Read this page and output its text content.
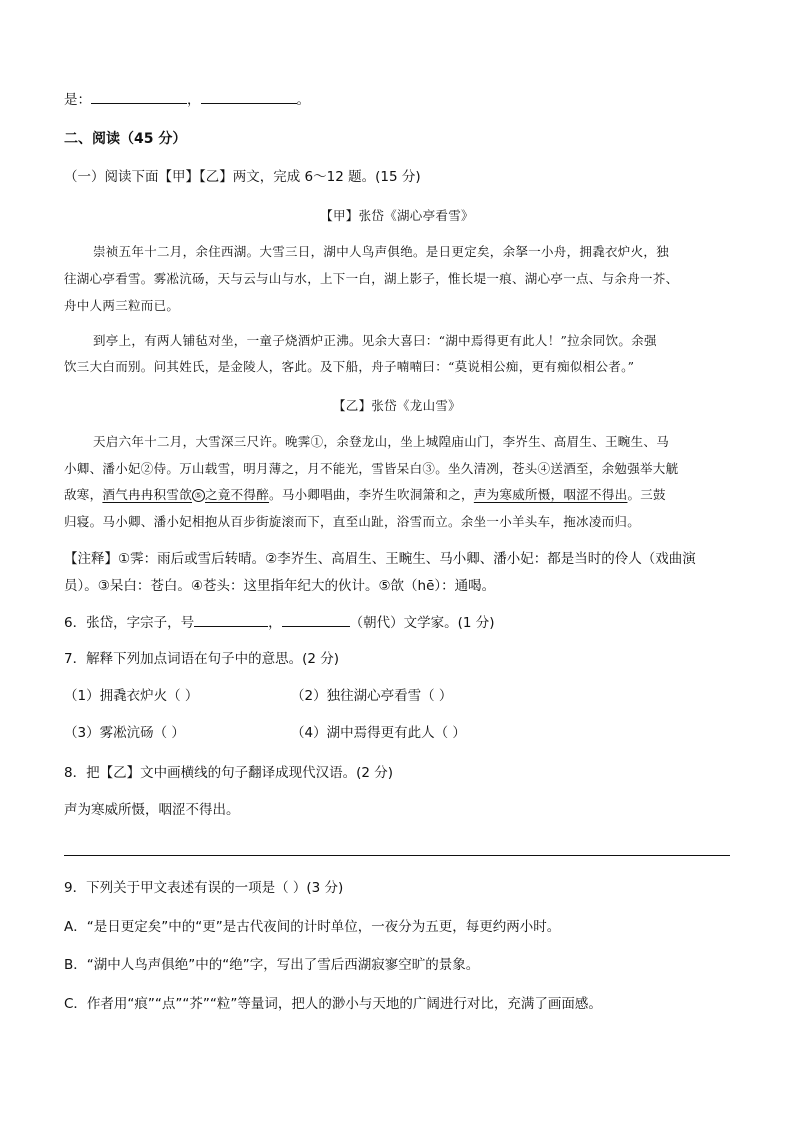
是：	，	。
二、阅读（45 分）
（一）阅读下面【甲】【乙】两文，完成 6～12 题。(15 分)
【甲】张岱《湖心亭看雪》
崇祯五年十二月，余住西湖。大雪三日，湖中人鸟声俱绝。是日更定矣，余拏一小舟，拥毳衣炉火，独
往湖心亭看雪。雾凇沆砀，天与云与山与水，上下一白，湖上影子，惟长堤一痕、湖心亭一点、与余舟一芥、
舟中人两三粒而已。
到亭上，有两人铺毡对坐，一童子烧酒炉正沸。见余大喜曰：“湖中焉得更有此人！”拉余同饮。余强
饮三大白而别。问其姓氏，是金陵人，客此。及下船，舟子喃喃曰：“莫说相公痴，更有痴似相公者。”
【乙】张岱《龙山雪》
天启六年十二月，大雪深三尺许。晚霁①，余登龙山，坐上城隍庙山门，李岕生、高眉生、王畹生、马
小卿、潘小妃②侍。万山载雪，明月薄之，月不能光，雪皆呆白③。坐久清冽，苍头④送酒至，余勉强举大觥
敌寒，酒气冉冉积雪欱 ⑤ 之竟不得醉。马小卿唱曲，李岕生吹洞箫和之，声为寒威所慑，咽涩不得出。三鼓
归寝。马小卿、潘小妃相抱从百步街旋滚而下，直至山趾，浴雪而立。余坐一小羊头车，拖冰凌而归。
【注释】①霁：雨后或雪后转晴。②李岕生、高眉生、王畹生、马小卿、潘小妃：都是当时的伶人（戏曲演
员）。③呆白：苍白。④苍头：这里指年纪大的伙计。⑤欱（hē）：通喝。
6．张岱，字宗子，号	，	（朝代）文学家。(1 分)
7．解释下列加点词语在句子中的意思。(2 分)
（1）拥毳衣炉火（ ）	（2）独往湖心亭看雪（ ）
（3）雾凇沆砀（ ）	（4）湖中焉得更有此人（ ）
8．把【乙】文中画横线的句子翻译成现代汉语。(2 分)
声为寒威所慑，咽涩不得出。
9．下列关于甲文表述有误的一项是（ ）(3 分)
A．“是日更定矣”中的“更”是古代夜间的计时单位，一夜分为五更，每更约两小时。
B．“湖中人鸟声俱绝”中的“绝”字，写出了雪后西湖寂寥空旷的景象。
C．作者用“痕”“点”“芥”“粒”等量词，把人的渺小与天地的广阔进行对比，充满了画面感。
